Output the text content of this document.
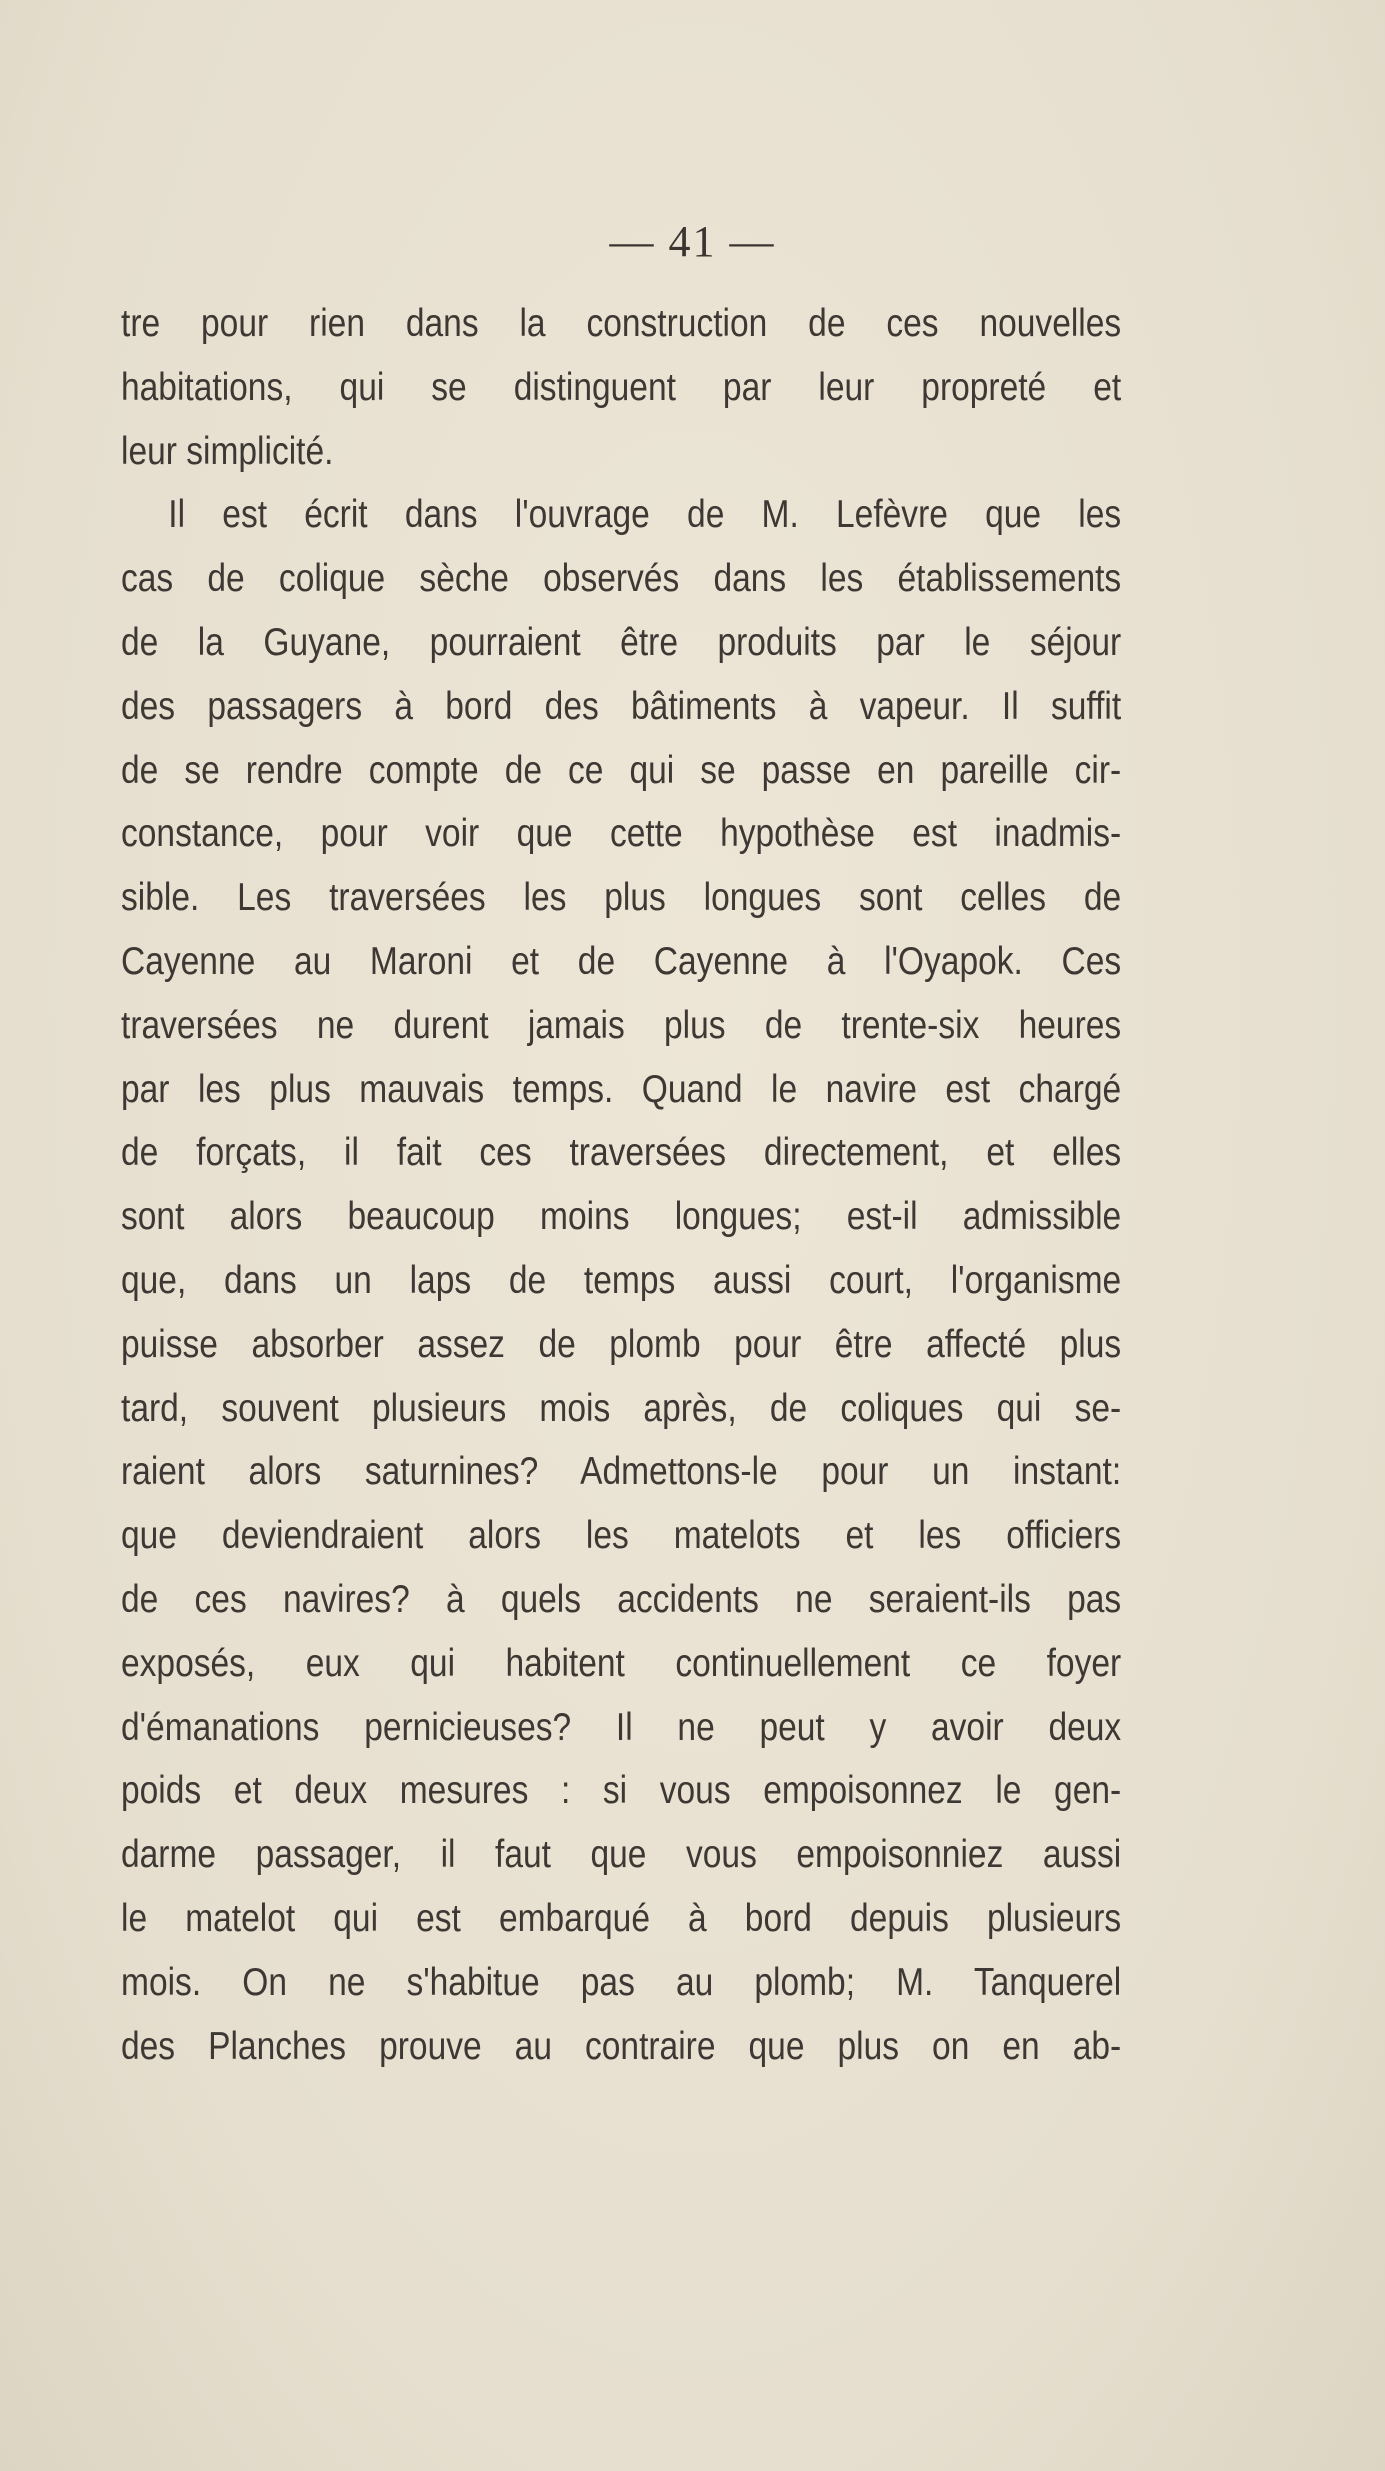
— 41 —
tre pour rien dans la construction de ces nouvelles
habitations, qui se distinguent par leur propreté et
leur simplicité.
Il est écrit dans l'ouvrage de M. Lefèvre que les
cas de colique sèche observés dans les établissements
de la Guyane, pourraient être produits par le séjour
des passagers à bord des bâtiments à vapeur. Il suffit
de se rendre compte de ce qui se passe en pareille cir-
constance, pour voir que cette hypothèse est inadmis-
sible. Les traversées les plus longues sont celles de
Cayenne au Maroni et de Cayenne à l'Oyapok. Ces
traversées ne durent jamais plus de trente-six heures
par les plus mauvais temps. Quand le navire est chargé
de forçats, il fait ces traversées directement, et elles
sont alors beaucoup moins longues; est-il admissible
que, dans un laps de temps aussi court, l'organisme
puisse absorber assez de plomb pour être affecté plus
tard, souvent plusieurs mois après, de coliques qui se-
raient alors saturnines? Admettons-le pour un instant:
que deviendraient alors les matelots et les officiers
de ces navires? à quels accidents ne seraient-ils pas
exposés, eux qui habitent continuellement ce foyer
d'émanations pernicieuses? Il ne peut y avoir deux
poids et deux mesures : si vous empoisonnez le gen-
darme passager, il faut que vous empoisonniez aussi
le matelot qui est embarqué à bord depuis plusieurs
mois. On ne s'habitue pas au plomb; M. Tanquerel
des Planches prouve au contraire que plus on en ab-
